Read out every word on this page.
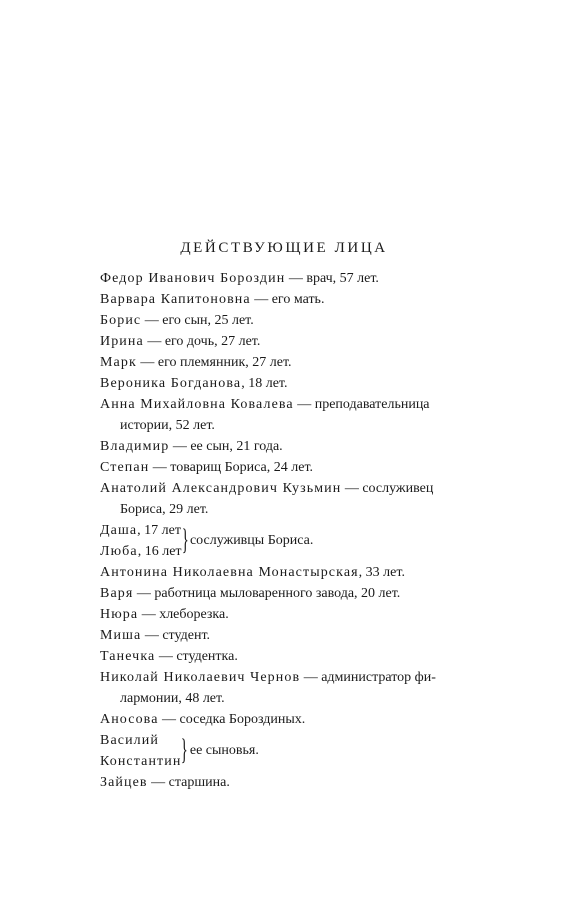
ДЕЙСТВУЮЩИЕ ЛИЦА

Федор Иванович Бороздин — врач, 57 лет.

Варвара Капитоновна — его мать.

Борис — его сын, 25 лет.

Ирина — его дочь, 27 лет.

Марк — его племянник, 27 лет.

Вероника Богданова, 18 лет.

Анна Михайловна Ковалева — преподавательница
истории, 52 лет.

Владимир — ее сын, 21 года.

Степан — товарищ Бориса, 24 лет.

Анатолий Александрович Кузьмин — сослуживец
Бориса, 29 лет.

Даша, 17 лет
Люба, 16 лет } сослуживцы Бориса.

Антонина Николаевна Монастырская, 33 лет.

Варя — работница мыловаренного завода, 20 лет.

Нюра — хлеборезка.

Миша — студент.

Танечка — студентка.

Николай Николаевич Чернов — администратор фи-
лармонии, 48 лет.

Аносова — соседка Бороздиных.

Василий
Константин } ее сыновья.

Зайцев — старшина.
